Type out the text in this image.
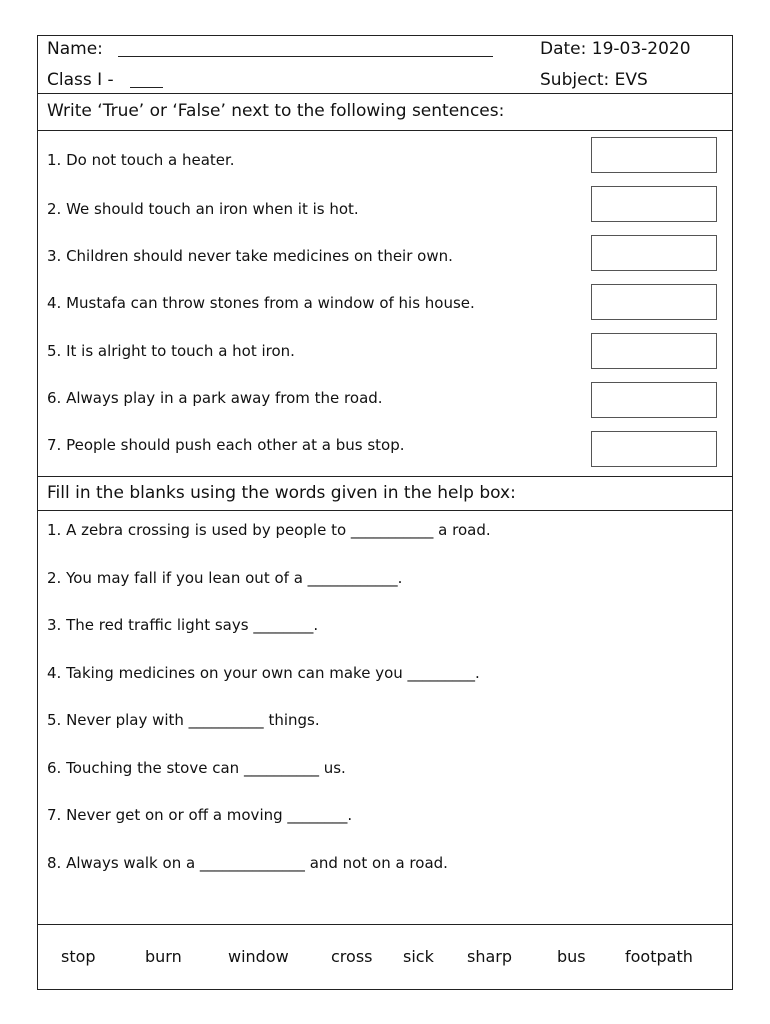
Name:	Date: 19-03-2020
Class I -	Subject: EVS
Write ‘True’ or ‘False’ next to the following sentences:
1. Do not touch a heater.
2. We should touch an iron when it is hot.
3. Children should never take medicines on their own.
4. Mustafa can throw stones from a window of his house.
5. It is alright to touch a hot iron.
6. Always play in a park away from the road.
7. People should push each other at a bus stop.
Fill in the blanks using the words given in the help box:
1. A zebra crossing is used by people to ___________ a road.
2. You may fall if you lean out of a ____________.
3. The red traffic light says ________.
4. Taking medicines on your own can make you _________.
5. Never play with __________ things.
6. Touching the stove can __________ us.
7. Never get on or off a moving ________.
8. Always walk on a ______________ and not on a road.
stop	burn	window	cross sick sharp	bus footpath
